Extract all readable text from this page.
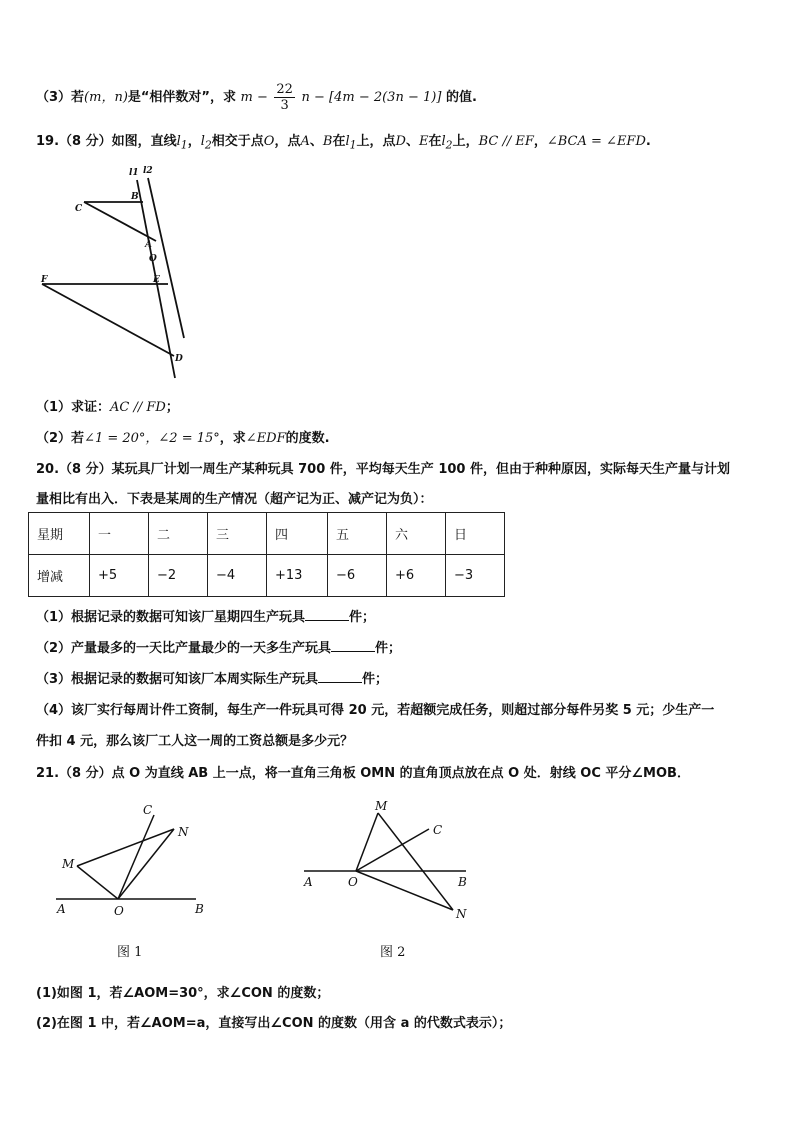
（3）若(m，n)是“相伴数对”，求 $m - \frac{22}{3}$ n − [4m − 2(3n − 1)] 的值.
19.（8 分）如图，直线$l_1$，$l_2$相交于点O，点A、B在$l_1$上，点D、E在$l_2$上，BC // EF，∠BCA = ∠EFD.
l1 l2
C
B
A
O
F	E
D
（1）求证：AC // FD；
（2）若∠1 = 20°，∠2 = 15°，求∠EDF的度数.
20.（8 分）某玩具厂计划一周生产某种玩具 700 件，平均每天生产 100 件，但由于种种原因，实际每天生产量与计划
量相比有出入．下表是某周的生产情况（超产记为正、减产记为负）：
星期	一	二	三	四	五	六	日
增减	+5	−2	−4	+13	−6	+6	−3
（1）根据记录的数据可知该厂星期四生产玩具	件；
（2）产量最多的一天比产量最少的一天多生产玩具	件；
（3）根据记录的数据可知该厂本周实际生产玩具	件；
（4）该厂实行每周计件工资制，每生产一件玩具可得 20 元，若超额完成任务，则超过部分每件另奖 5 元；少生产一
件扣 4 元，那么该厂工人这一周的工资总额是多少元？
21.（8 分）点 O 为直线 AB 上一点，将一直角三角板 OMN 的直角顶点放在点 O 处．射线 OC 平分∠MOB．
C
N
M
A	O	B
图 1
M
C
A	O	B
N
图 2
(1)如图 1，若∠AOM=30°，求∠CON 的度数；
(2)在图 1 中，若∠AOM=a，直接写出∠CON 的度数（用含 a 的代数式表示）；
